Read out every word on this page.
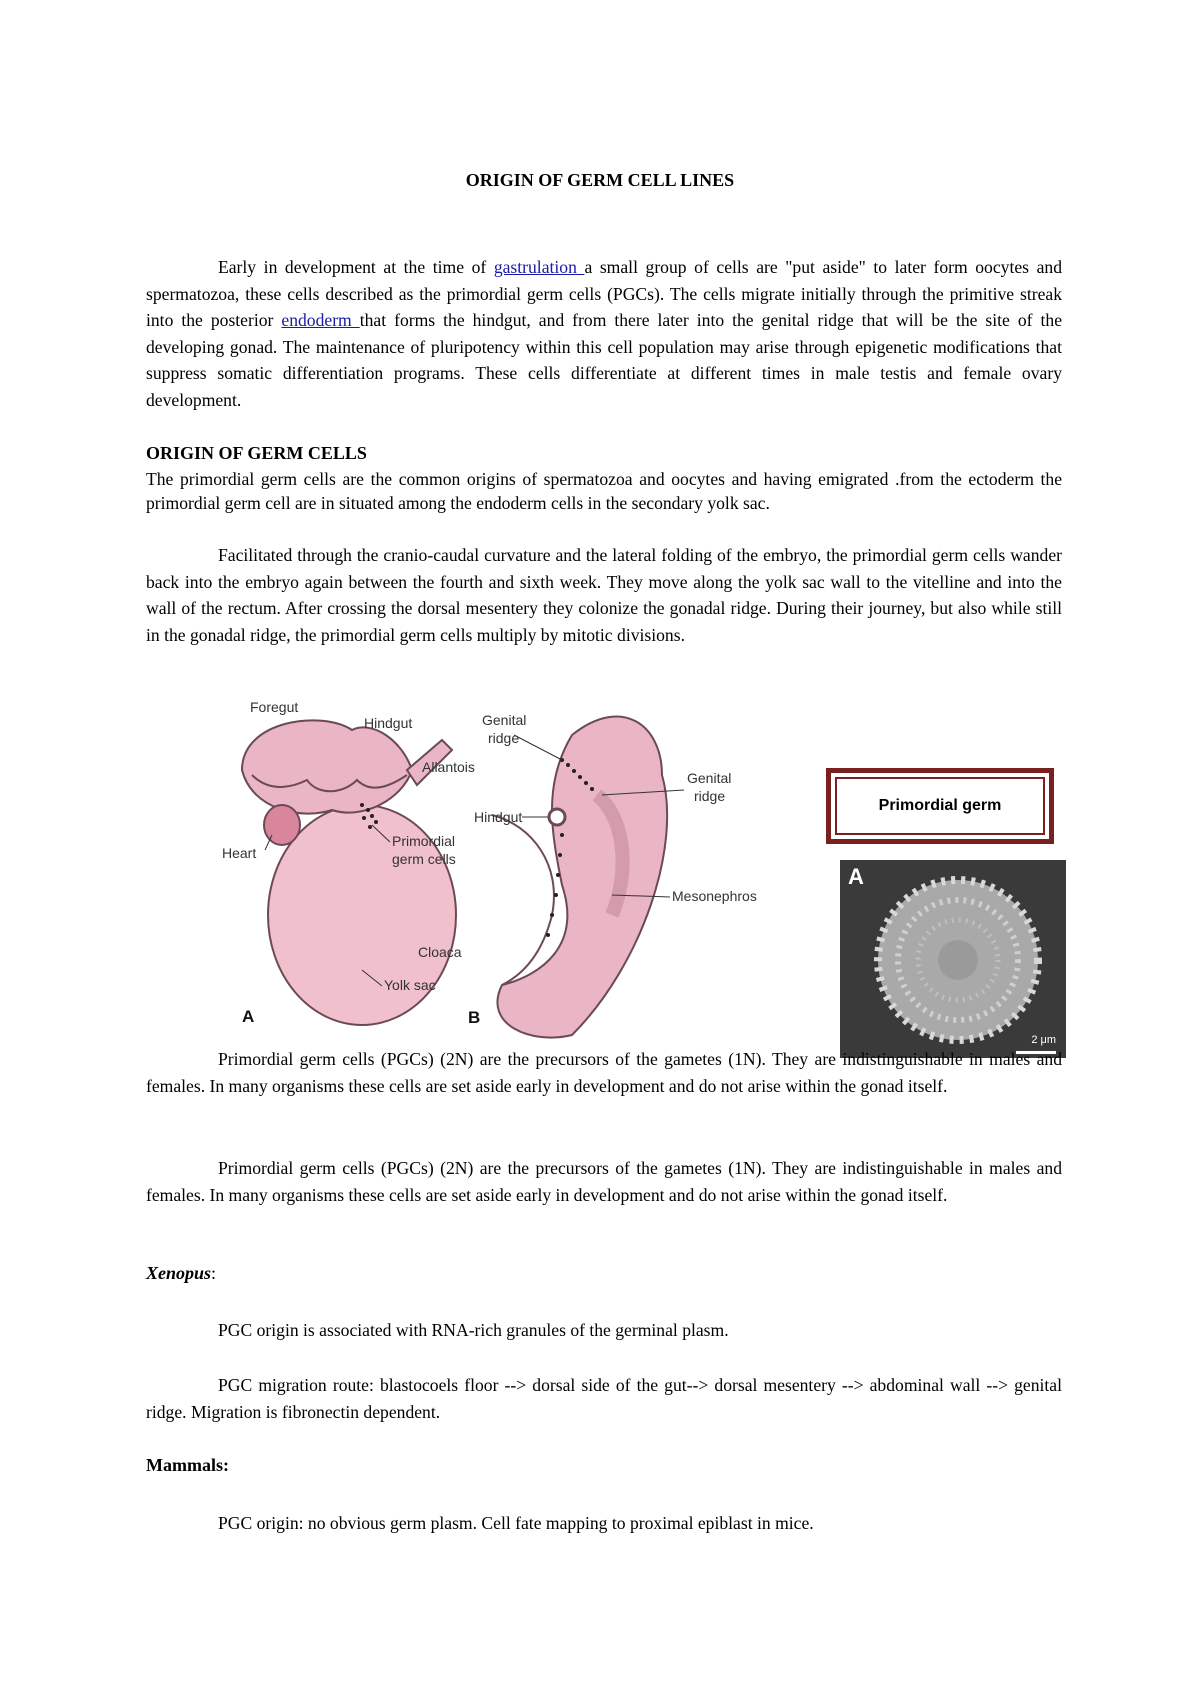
ORIGIN OF GERM CELL LINES

Early in development at the time of gastrulation a small group of cells are "put aside" to later form oocytes and spermatozoa, these cells described as the primordial germ cells (PGCs). The cells migrate initially through the primitive streak into the posterior endoderm that forms the hindgut, and from there later into the genital ridge that will be the site of the developing gonad. The maintenance of pluripotency within this cell population may arise through epigenetic modifications that suppress somatic differentiation programs. These cells differentiate at different times in male testis and female ovary development.

ORIGIN OF GERM CELLS

The primordial germ cells are the common origins of spermatozoa and oocytes and having emigrated .from the ectoderm the primordial germ cell are in situated among the endoderm cells in the secondary yolk sac.

Facilitated through the cranio-caudal curvature and the lateral folding of the embryo, the primordial germ cells wander back into the embryo again between the fourth and sixth week. They move along the yolk sac wall to the vitelline and into the wall of the rectum. After crossing the dorsal mesentery they colonize the gonadal ridge. During their journey, but also while still in the gonadal ridge, the primordial germ cells multiply by mitotic divisions.

Foregut
Hindgut
Allantois
Heart
Primordial
germ cells
Yolk sac
A
Genital
ridge
Genital
ridge
Hindgut
Mesonephros
Cloaca
B
Primordial germ
A
2 μm

Primordial germ cells (PGCs) (2N) are the precursors of the gametes (1N). They are indistinguishable in males and females. In many organisms these cells are set aside early in development and do not arise within the gonad itself.

Primordial germ cells (PGCs) (2N) are the precursors of the gametes (1N). They are indistinguishable in males and females. In many organisms these cells are set aside early in development and do not arise within the gonad itself.

Xenopus:

PGC origin is associated with RNA-rich granules of the germinal plasm.

PGC migration route: blastocoels floor --> dorsal side of the gut--> dorsal mesentery --> abdominal wall --> genital ridge. Migration is fibronectin dependent.

Mammals:

PGC origin: no obvious germ plasm. Cell fate mapping to proximal epiblast in mice.
